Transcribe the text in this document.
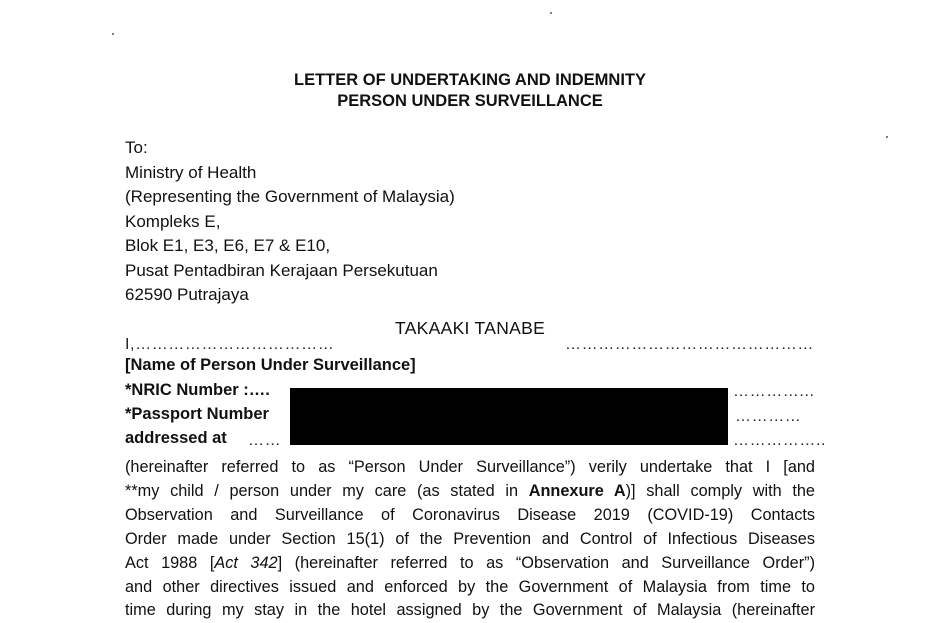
LETTER OF UNDERTAKING AND INDEMNITY
PERSON UNDER SURVEILLANCE
To:
Ministry of Health
(Representing the Government of Malaysia)
Kompleks E,
Blok E1, E3, E6, E7 & E10,
Pusat Pentadbiran Kerajaan Persekutuan
62590 Putrajaya
I,………………………………
TAKAAKI TANABE
………………………………………
[Name of Person Under Surveillance]
*NRIC Number :….	…………...
*Passport Number	…………
addressed at ……	……………..
(hereinafter referred to as “Person Under Surveillance”) verily undertake that I [and
**my child / person under my care (as stated in Annexure A)] shall comply with the
Observation and Surveillance of Coronavirus Disease 2019 (COVID-19) Contacts
Order made under Section 15(1) of the Prevention and Control of Infectious Diseases
Act 1988 [Act 342] (hereinafter referred to as “Observation and Surveillance Order”)
and other directives issued and enforced by the Government of Malaysia from time to
time during my stay in the hotel assigned by the Government of Malaysia (hereinafter
